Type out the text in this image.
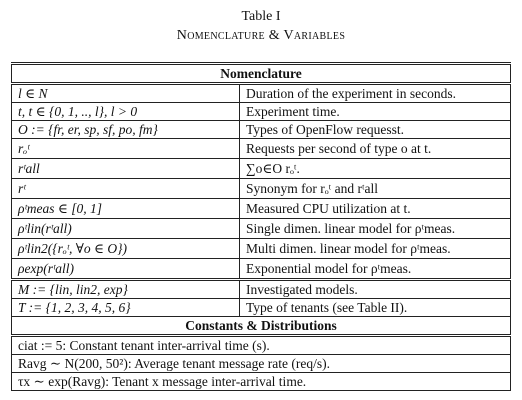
Table I
Nomenclature & Variables
Nomenclature	
l ∈ N	Duration of the experiment in seconds.
t, t ∈ {0, 1, .., l}, l > 0	Experiment time.
O := {fr, er, sp, sf, po, fm}	Types of OpenFlow requesst.
rₒᵗ	Requests per second of type o at t.
rᵗall	∑o∈O rₒᵗ.
rᵗ	Synonym for rₒᵗ and rᵗall
ρᵗmeas ∈ [0, 1]	Measured CPU utilization at t.
ρᵗlin(rᵗall)	Single dimen. linear model for ρᵗmeas.
ρᵗlin2({rₒᵗ, ∀o ∈ O})	Multi dimen. linear model for ρᵗmeas.
ρexp(rᵗall)	Exponential model for ρᵗmeas.
M := {lin, lin2, exp}	Investigated models.
T := {1, 2, 3, 4, 5, 6}	Type of tenants (see Table II).
Constants & Distributions	
ciat := 5: Constant tenant inter-arrival time (s).	
Ravg ∼ N(200, 50²): Average tenant message rate (req/s).	
τx ∼ exp(Ravg): Tenant x message inter-arrival time.	
